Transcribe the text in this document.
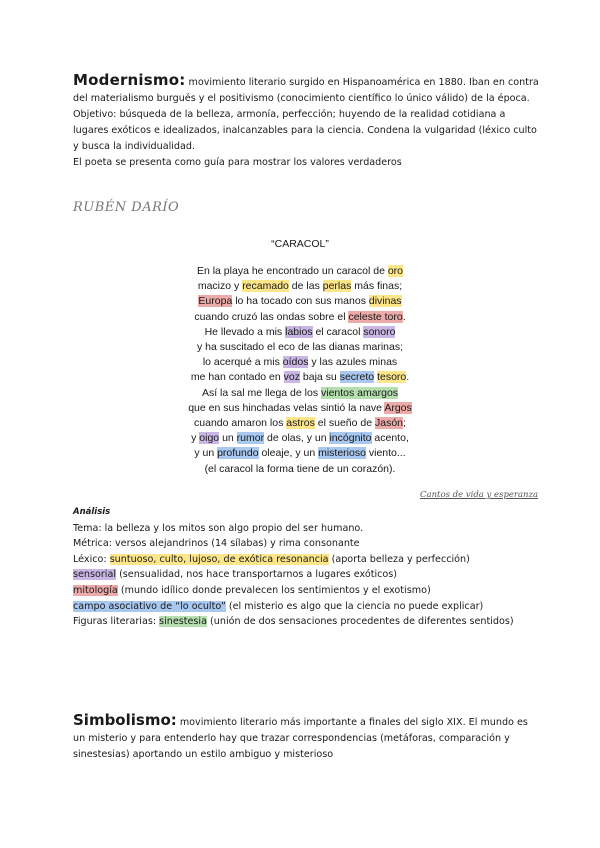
Modernismo: movimiento literario surgido en Hispanoamérica en 1880. Iban en contra del materialismo burgués y el positivismo (conocimiento científico lo único válido) de la época.

Objetivo: búsqueda de la belleza, armonía, perfección; huyendo de la realidad cotidiana a lugares exóticos e idealizados, inalcanzables para la ciencia. Condena la vulgaridad (léxico culto y busca la individualidad.

El poeta se presenta como guía para mostrar los valores verdaderos

RUBÉN DARÍO
“CARACOL”
En la playa he encontrado un caracol de oro
macizo y recamado de las perlas más finas;
Europa lo ha tocado con sus manos divinas
cuando cruzó las ondas sobre el celeste toro.
He llevado a mis labios el caracol sonoro
y ha suscitado el eco de las dianas marinas;
lo acerqué a mis oídos y las azules minas
me han contado en voz baja su secreto tesoro.
Así la sal me llega de los vientos amargos
que en sus hinchadas velas sintió la nave Argos
cuando amaron los astros el sueño de Jasón;
y oigo un rumor de olas, y un incógnito acento,
y un profundo oleaje, y un misterioso viento...
(el caracol la forma tiene de un corazón).
Cantos de vida y esperanza

Análisis

Tema: la belleza y los mitos son algo propio del ser humano.

Métrica: versos alejandrinos (14 sílabas) y rima consonante

Léxico: suntuoso, culto, lujoso, de exótica resonancia (aporta belleza y perfección)

sensorial (sensualidad, nos hace transportarnos a lugares exóticos)

mitología (mundo idílico donde prevalecen los sentimientos y el exotismo)

campo asociativo de “lo oculto” (el misterio es algo que la ciencia no puede explicar)

Figuras literarias: sinestesia (unión de dos sensaciones procedentes de diferentes sentidos)

Simbolismo: movimiento literario más importante a finales del siglo XIX. El mundo es un misterio y para entenderlo hay que trazar correspondencias (metáforas, comparación y sinestesias) aportando un estilo ambiguo y misterioso
